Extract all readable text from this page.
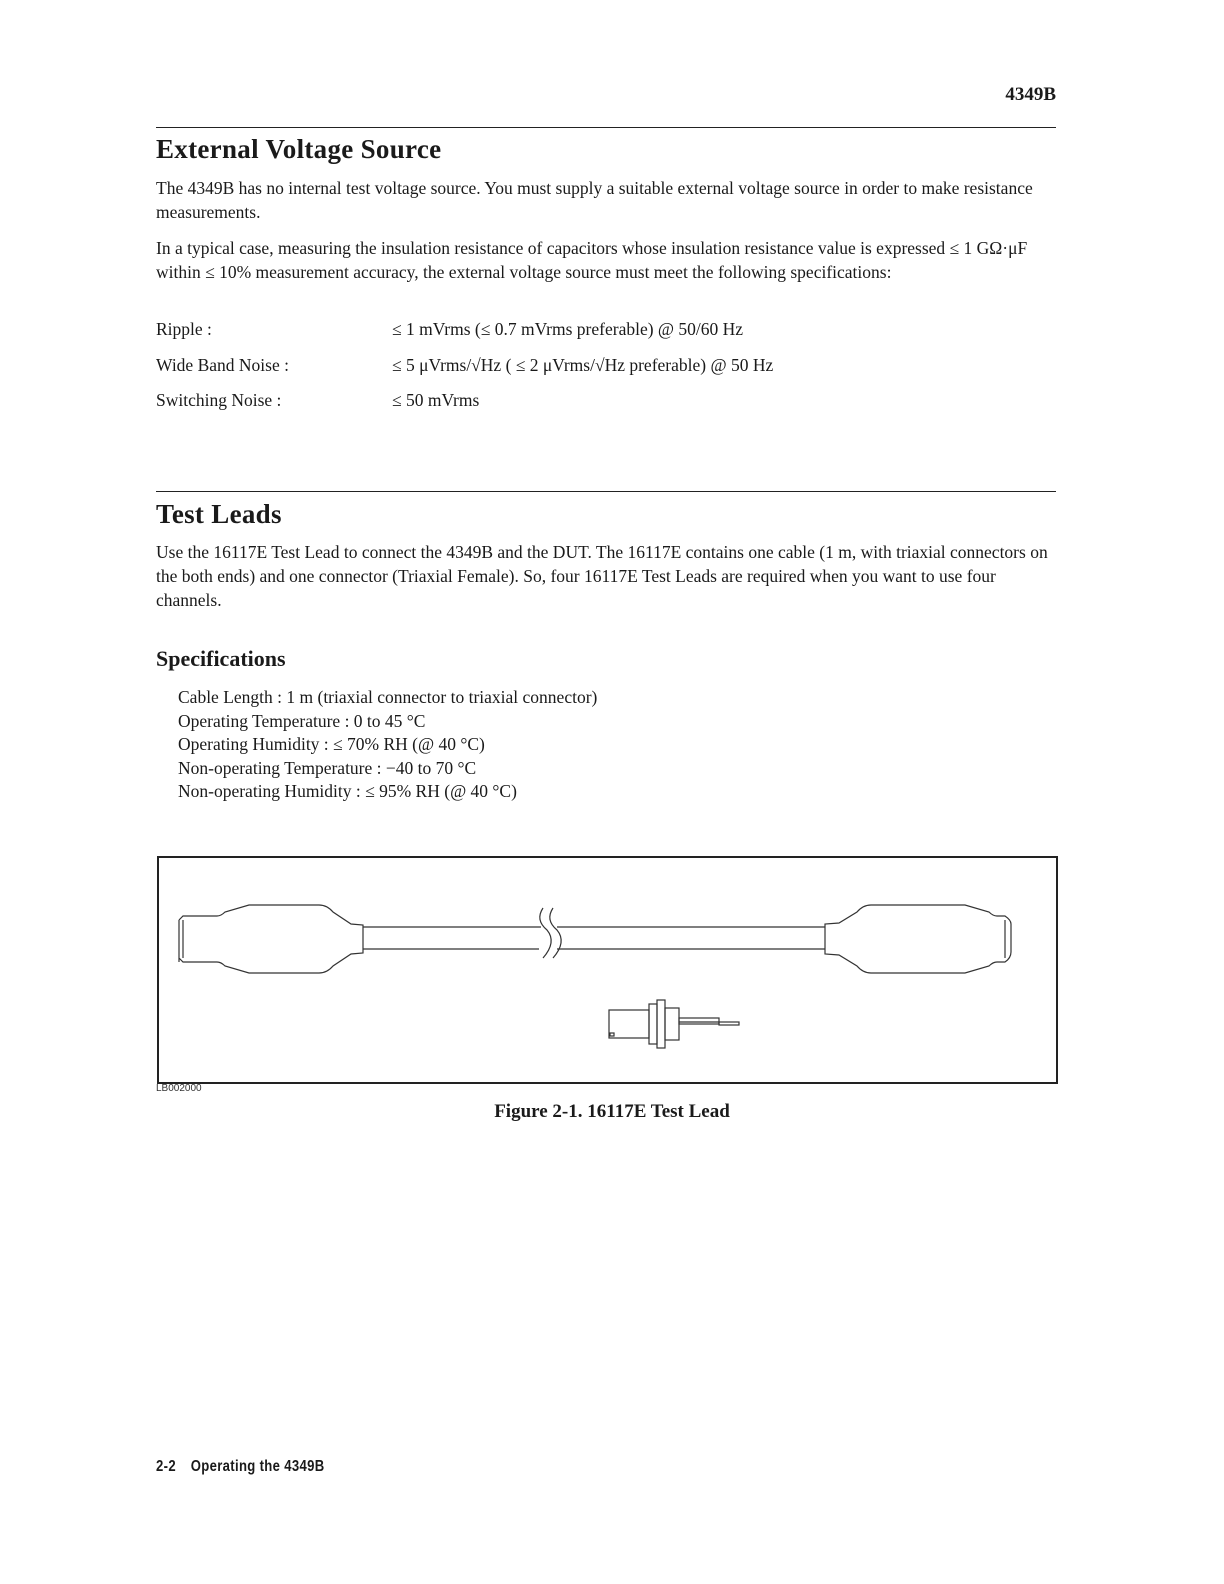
4349B
External Voltage Source

The 4349B has no internal test voltage source. You must supply a suitable external voltage source in order to make resistance measurements.

In a typical case, measuring the insulation resistance of capacitors whose insulation resistance value is expressed ≤ 1 GΩ·μF within ≤ 10% measurement accuracy, the external voltage source must meet the following specifications:

Ripple :	≤ 1 mVrms (≤ 0.7 mVrms preferable) @ 50/60 Hz
Wide Band Noise :	≤ 5 μVrms/√Hz ( ≤ 2 μVrms/√Hz preferable) @ 50 Hz
Switching Noise :	≤ 50 mVrms
Test Leads

Use the 16117E Test Lead to connect the 4349B and the DUT. The 16117E contains one cable (1 m, with triaxial connectors on the both ends) and one connector (Triaxial Female). So, four 16117E Test Leads are required when you want to use four channels.

Specifications
Cable Length : 1 m (triaxial connector to triaxial connector)
Operating Temperature : 0 to 45 °C
Operating Humidity : ≤ 70% RH (@ 40 °C)
Non-operating Temperature : −40 to 70 °C
Non-operating Humidity : ≤ 95% RH (@ 40 °C)
LB002000
Figure 2-1. 16117E Test Lead
2-2 Operating the 4349B
